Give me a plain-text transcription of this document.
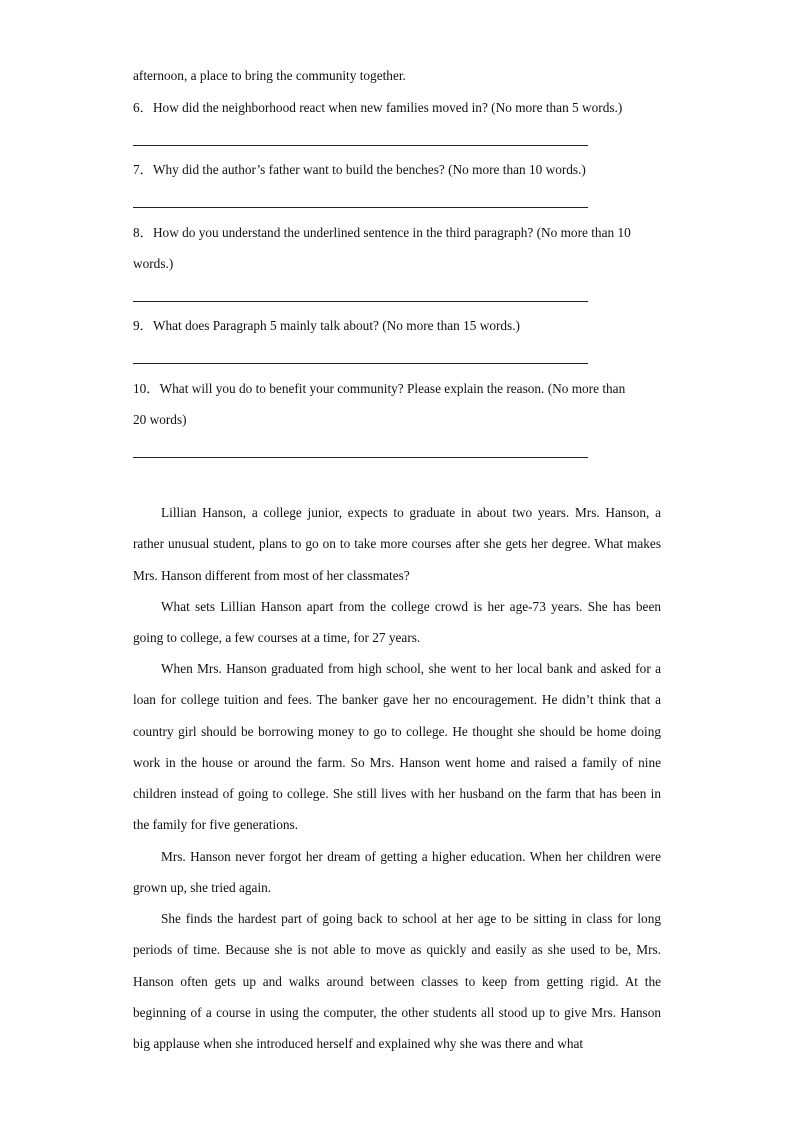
afternoon, a place to bring the community together.
6．How did the neighborhood react when new families moved in? (No more than 5 words.)
7．Why did the author’s father want to build the benches? (No more than 10 words.)
8．How do you understand the underlined sentence in the third paragraph? (No more than 10
words.)
9．What does Paragraph 5 mainly talk about? (No more than 15 words.)
10．What will you do to benefit your community? Please explain the reason. (No more than
20 words)

Lillian Hanson, a college junior, expects to graduate in about two years. Mrs. Hanson, a rather unusual student, plans to go on to take more courses after she gets her degree. What makes Mrs. Hanson different from most of her classmates?

What sets Lillian Hanson apart from the college crowd is her age-73 years. She has been going to college, a few courses at a time, for 27 years.

When Mrs. Hanson graduated from high school, she went to her local bank and asked for a loan for college tuition and fees. The banker gave her no encouragement. He didn’t think that a country girl should be borrowing money to go to college. He thought she should be home doing work in the house or around the farm. So Mrs. Hanson went home and raised a family of nine children instead of going to college. She still lives with her husband on the farm that has been in the family for five generations.

Mrs. Hanson never forgot her dream of getting a higher education. When her children were grown up, she tried again.

She finds the hardest part of going back to school at her age to be sitting in class for long periods of time. Because she is not able to move as quickly and easily as she used to be, Mrs. Hanson often gets up and walks around between classes to keep from getting rigid. At the beginning of a course in using the computer, the other students all stood up to give Mrs. Hanson big applause when she introduced herself and explained why she was there and what
